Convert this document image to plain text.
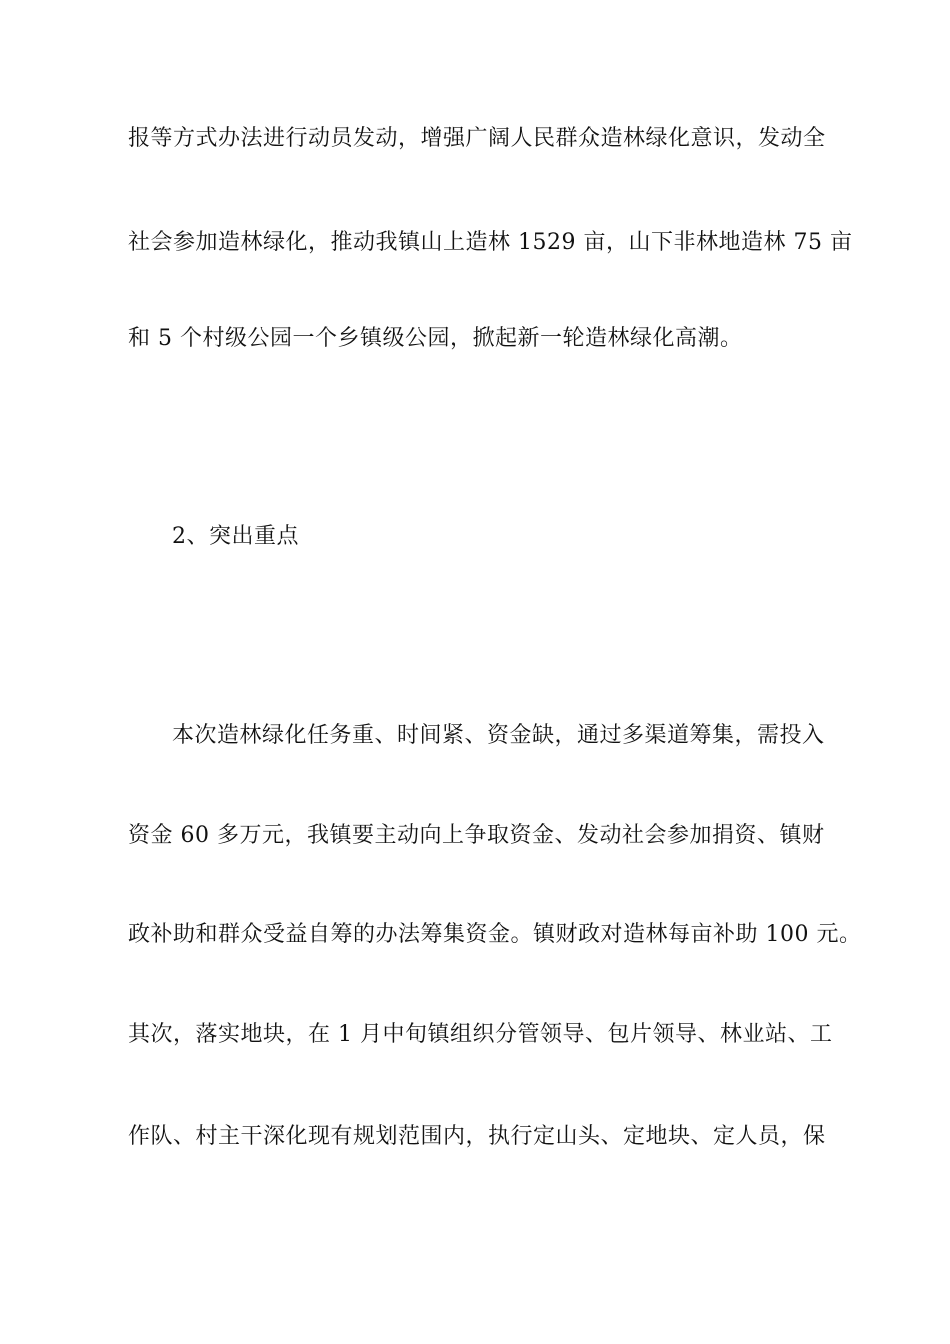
报等方式办法进行动员发动，增强广阔人民群众造林绿化意识，发动全
社会参加造林绿化，推动我镇山上造林 1529 亩，山下非林地造林 75 亩
和 5 个村级公园一个乡镇级公园，掀起新一轮造林绿化高潮。
2、突出重点
本次造林绿化任务重、时间紧、资金缺，通过多渠道筹集，需投入
资金 60 多万元，我镇要主动向上争取资金、发动社会参加捐资、镇财
政补助和群众受益自筹的办法筹集资金。镇财政对造林每亩补助 100 元。
其次，落实地块，在 1 月中旬镇组织分管领导、包片领导、林业站、工
作队、村主干深化现有规划范围内，执行定山头、定地块、定人员，保
